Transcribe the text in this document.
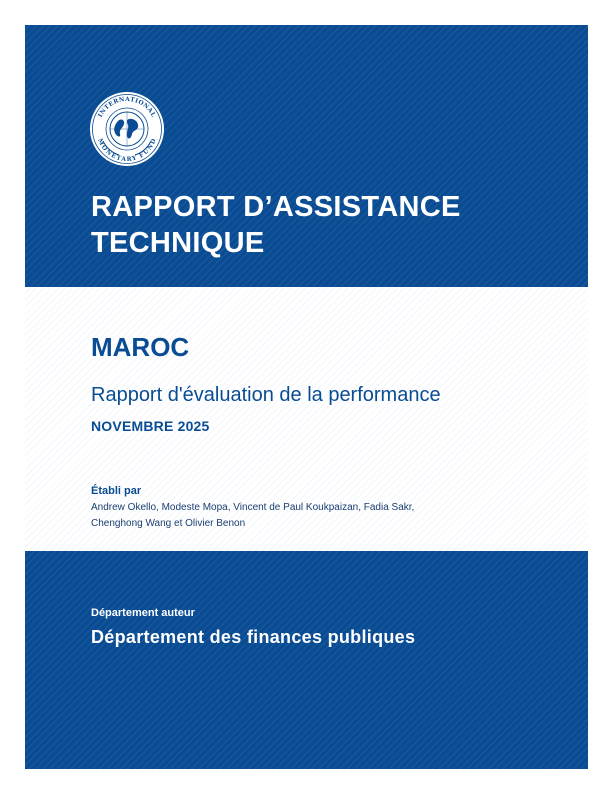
INTERNATIONAL
MONETARY FUND
RAPPORT D’ASSISTANCE
TECHNIQUE
MAROC

Rapport d'évaluation de la performance

NOVEMBRE 2025

Établi par

Andrew Okello, Modeste Mopa, Vincent de Paul Koukpaizan, Fadia Sakr,
Chenghong Wang et Olivier Benon

Département auteur

Département des finances publiques
